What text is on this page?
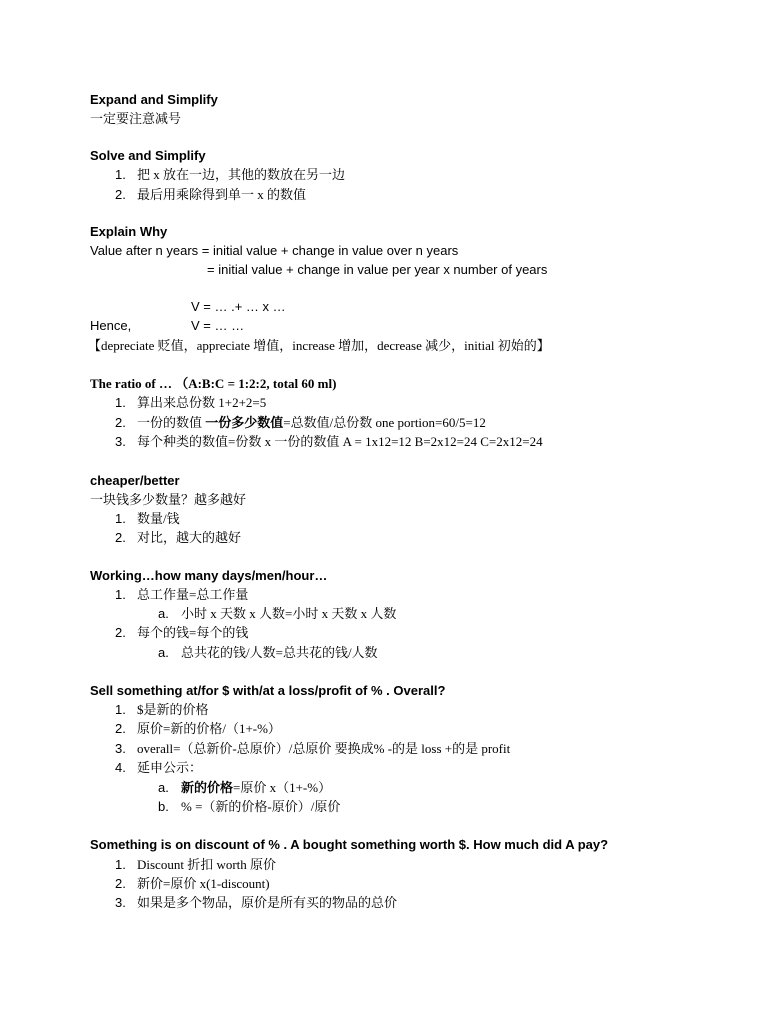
Expand and Simplify
一定要注意减号
Solve and Simplify
1. 把 x 放在一边，其他的数放在另一边
2. 最后用乘除得到单一 x 的数值
Explain Why
Value after n years = initial value + change in value over n years
= initial value + change in value per year x number of years
V = … .+ … x …
Hence,	V = … …
【depreciate 贬值，appreciate 增值，increase 增加，decrease 减少，initial 初始的】
The ratio of … （A:B:C = 1:2:2, total 60 ml)
1. 算出来总份数 1+2+2=5
2. 一份的数值 一份多少数值=总数值/总份数 one portion=60/5=12
3. 每个种类的数值=份数 x 一份的数值 A = 1x12=12 B=2x12=24 C=2x12=24
cheaper/better
一块钱多少数量？越多越好
1. 数量/钱
2. 对比，越大的越好
Working…how many days/men/hour…
1. 总工作量=总工作量
a. 小时 x 天数 x 人数=小时 x 天数 x 人数
2. 每个的钱=每个的钱
a. 总共花的钱/人数=总共花的钱/人数
Sell something at/for $ with/at a loss/profit of % . Overall?
1. $是新的价格
2. 原价=新的价格/（1+-%）
3. overall=（总新价-总原价）/总原价 要换成% -的是 loss +的是 profit
4. 延申公示：
a. 新的价格=原价 x（1+-%）
b. % =（新的价格-原价）/原价
Something is on discount of % . A bought something worth $. How much did A pay?
1. Discount 折扣 worth 原价
2. 新价=原价 x(1-discount)
3. 如果是多个物品，原价是所有买的物品的总价
